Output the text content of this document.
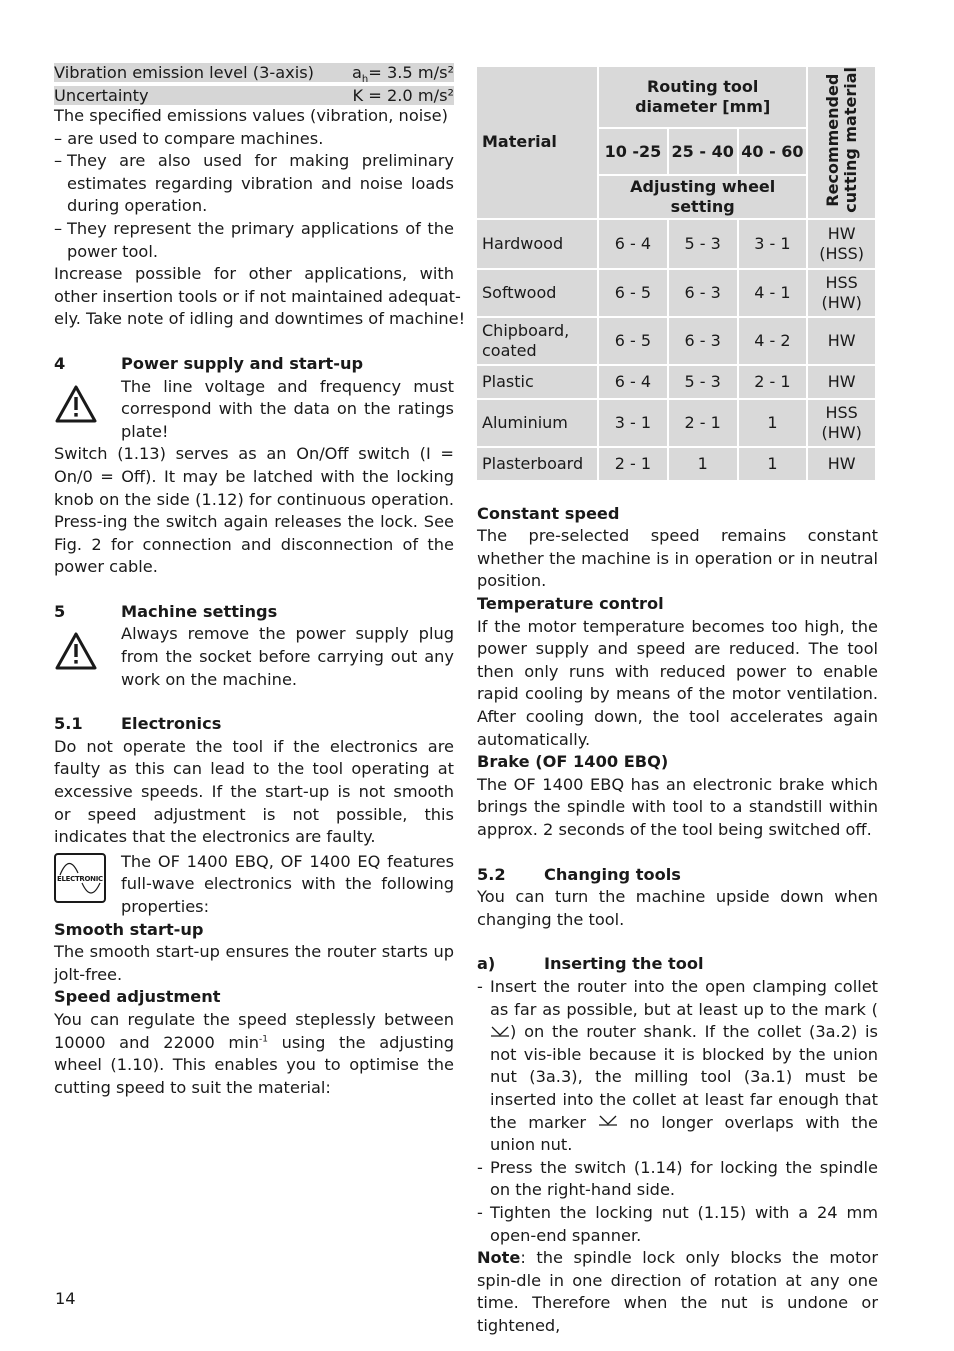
Vibration emission level (3-axis) $a_h= 3.5$ m/s²
Uncertainty	K = 2.0 m/s²

The specified emissions values (vibration, noise)

– are used to compare machines.

– They are also used for making preliminary estimates regarding vibration and noise loads during operation.
– They represent the primary applications of the power tool.
Increase possible for other applications, with
other insertion tools or if not maintained adequat-
ely. Take note of idling and downtimes of machine!
4	Power supply and start-up

The line voltage and frequency must correspond with the data on the ratings plate!

Switch (1.13) serves as an On/Off switch (I = On/0 = Off). It may be latched with the locking knob on the side (1.12) for continuous operation. Press-ing the switch again releases the lock. See Fig. 2 for connection and disconnection of the power cable.

5	Machine settings

Always remove the power supply plug from the socket before carrying out any work on the machine.

5.1	Electronics

Do not operate the tool if the electronics are faulty as this can lead to the tool operating at excessive speeds. If the start-up is not smooth or speed adjustment is not possible, this indicates that the electronics are faulty.

ELECTRONIC

The OF 1400 EBQ, OF 1400 EQ features full-wave electronics with the following properties:

Smooth start-up

The smooth start-up ensures the router starts up jolt-free.

Speed adjustment

You can regulate the speed steplessly between 10000 and 22000 $\min^{-1} using$ the adjusting wheel (1.10). This enables you to optimise the cutting speed to suit the material:

Material	Routing tool diameter [mm]			Recommended
cutting material
	10 -25	25 - 40	40 - 60	
	Adjusting wheel setting			
Hardwood	6 - 4	5 - 3	3 - 1	HW
(HSS)
Softwood	6 - 5	6 - 3	4 - 1	HSS
(HW)
Chipboard,
coated	6 - 5	6 - 3	4 - 2	HW
Plastic	6 - 4	5 - 3	2 - 1	HW
Aluminium	3 - 1	2 - 1	1	HSS
(HW)
Plasterboard	2 - 1	1	1	HW

Constant speed

The pre-selected speed remains constant whether the machine is in operation or in neutral position.

Temperature control

If the motor temperature becomes too high, the power supply and speed are reduced. The tool then only runs with reduced power to enable rapid cooling by means of the motor ventilation. After cooling down, the tool accelerates again automatically.

Brake (OF 1400 EBQ)

The OF 1400 EBQ has an electronic brake which brings the spindle with tool to a standstill within approx. 2 seconds of the tool being switched off.

5.2	Changing tools

You can turn the machine upside down when changing the tool.

a)	Inserting the tool
- Insert the router into the open clamping collet as far as possible, but at least up to the mark () on the router shank. If the collet (3a.2) is not vis-ible because it is blocked by the union nut (3a.3), the milling tool (3a.1) must be inserted into the collet at least far enough that the marker  no longer overlaps with the union nut.
- Press the switch (1.14) for locking the spindle on the right-hand side.
- Tighten the locking nut (1.15) with a 24 mm open-end spanner.

Note: the spindle lock only blocks the motor spin-dle in one direction of rotation at any one time. Therefore when the nut is undone or tightened,

14
